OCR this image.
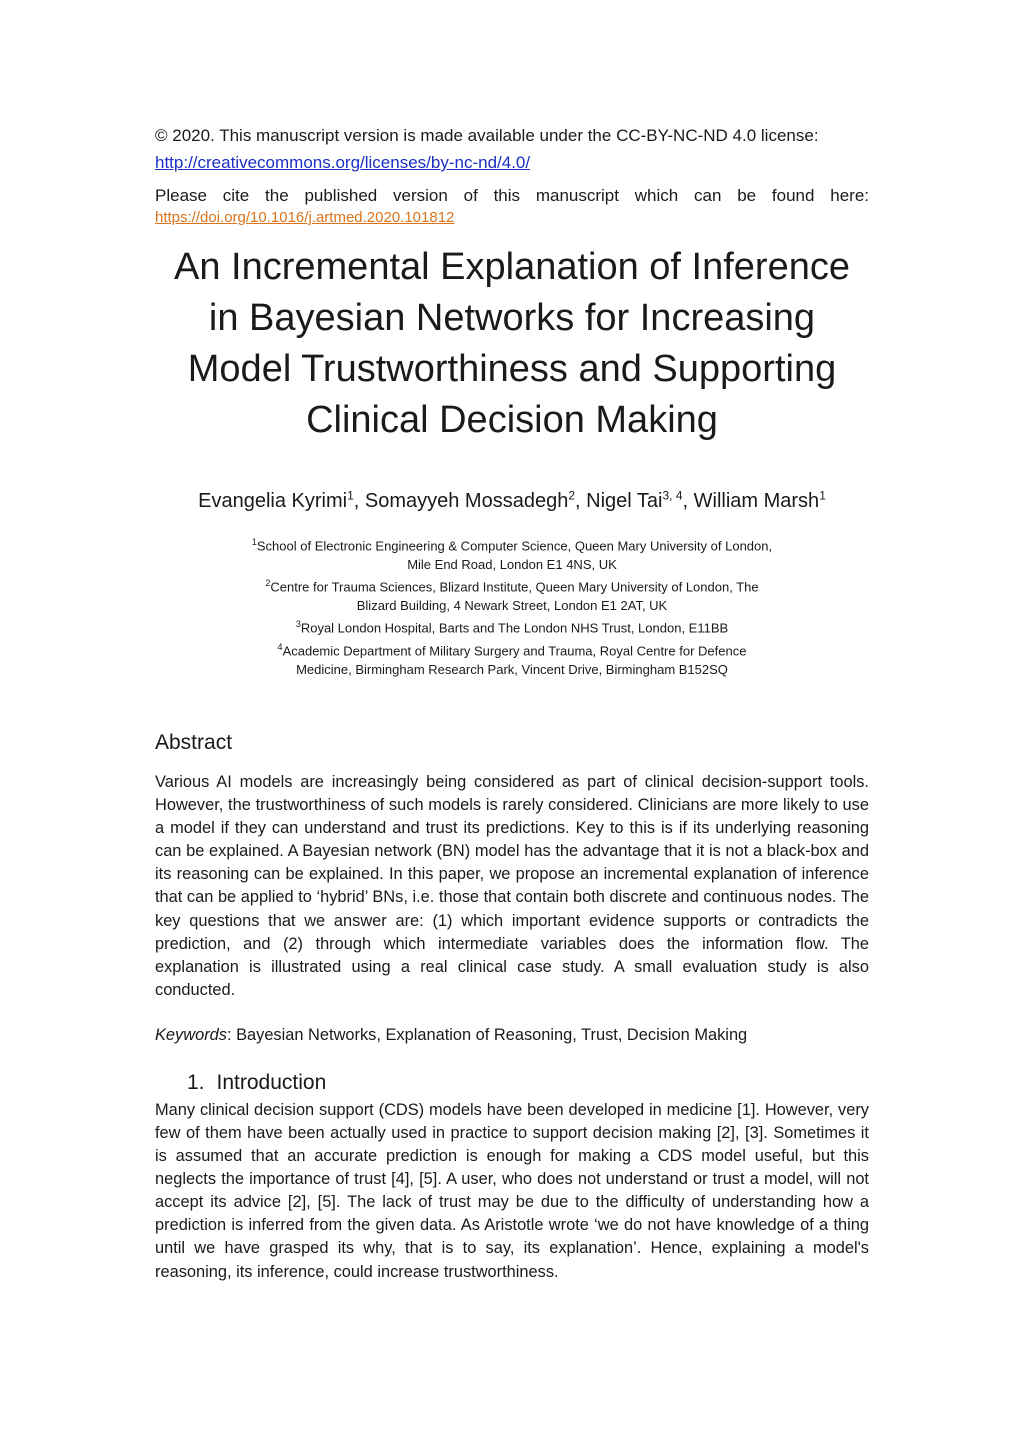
© 2020. This manuscript version is made available under the CC-BY-NC-ND 4.0 license:
http://creativecommons.org/licenses/by-nc-nd/4.0/

Please cite the published version of this manuscript which can be found here:

https://doi.org/10.1016/j.artmed.2020.101812

An Incremental Explanation of Inference in Bayesian Networks for Increasing Model Trustworthiness and Supporting Clinical Decision Making
Evangelia Kyrimi$^1$, Somayyeh Mossadegh$^2$, Nigel Tai$^{3, 4}$, William Marsh$^1$
$^1$School of Electronic Engineering & Computer Science, Queen Mary University of London,
Mile End Road, London E1 4NS, UK
$^2$Centre for Trauma Sciences, Blizard Institute, Queen Mary University of London, The
Blizard Building, 4 Newark Street, London E1 2AT, UK
$^3$Royal London Hospital, Barts and The London NHS Trust, London, E11BB
$^4$Academic Department of Military Surgery and Trauma, Royal Centre for Defence
Medicine, Birmingham Research Park, Vincent Drive, Birmingham B152SQ
Abstract

Various AI models are increasingly being considered as part of clinical decision-support tools. However, the trustworthiness of such models is rarely considered. Clinicians are more likely to use a model if they can understand and trust its predictions. Key to this is if its underlying reasoning can be explained. A Bayesian network (BN) model has the advantage that it is not a black-box and its reasoning can be explained. In this paper, we propose an incremental explanation of inference that can be applied to ‘hybrid’ BNs, i.e. those that contain both discrete and continuous nodes. The key questions that we answer are: (1) which important evidence supports or contradicts the prediction, and (2) through which intermediate variables does the information flow. The explanation is illustrated using a real clinical case study. A small evaluation study is also conducted.

Keywords: Bayesian Networks, Explanation of Reasoning, Trust, Decision Making

1. Introduction

Many clinical decision support (CDS) models have been developed in medicine [1]. However, very few of them have been actually used in practice to support decision making [2], [3]. Sometimes it is assumed that an accurate prediction is enough for making a CDS model useful, but this neglects the importance of trust [4], [5]. A user, who does not understand or trust a model, will not accept its advice [2], [5]. The lack of trust may be due to the difficulty of understanding how a prediction is inferred from the given data. As Aristotle wrote ‘we do not have knowledge of a thing until we have grasped its why, that is to say, its explanation’. Hence, explaining a model's reasoning, its inference, could increase trustworthiness.
